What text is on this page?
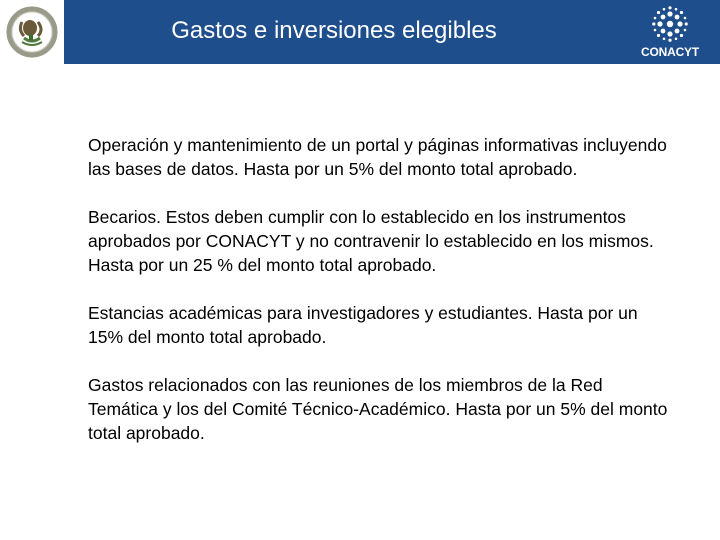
Gastos e inversiones elegibles
CONACYT

Operación y mantenimiento de un portal y páginas informativas incluyendo las bases de datos. Hasta por un 5% del monto total aprobado.

Becarios. Estos deben cumplir con lo establecido en los instrumentos aprobados por CONACYT y no contravenir lo establecido en los mismos. Hasta por un 25 % del monto total aprobado.

Estancias académicas para investigadores y estudiantes. Hasta por un 15% del monto total aprobado.

Gastos relacionados con las reuniones de los miembros de la Red Temática y los del Comité Técnico-Académico. Hasta por un 5% del monto total aprobado.
